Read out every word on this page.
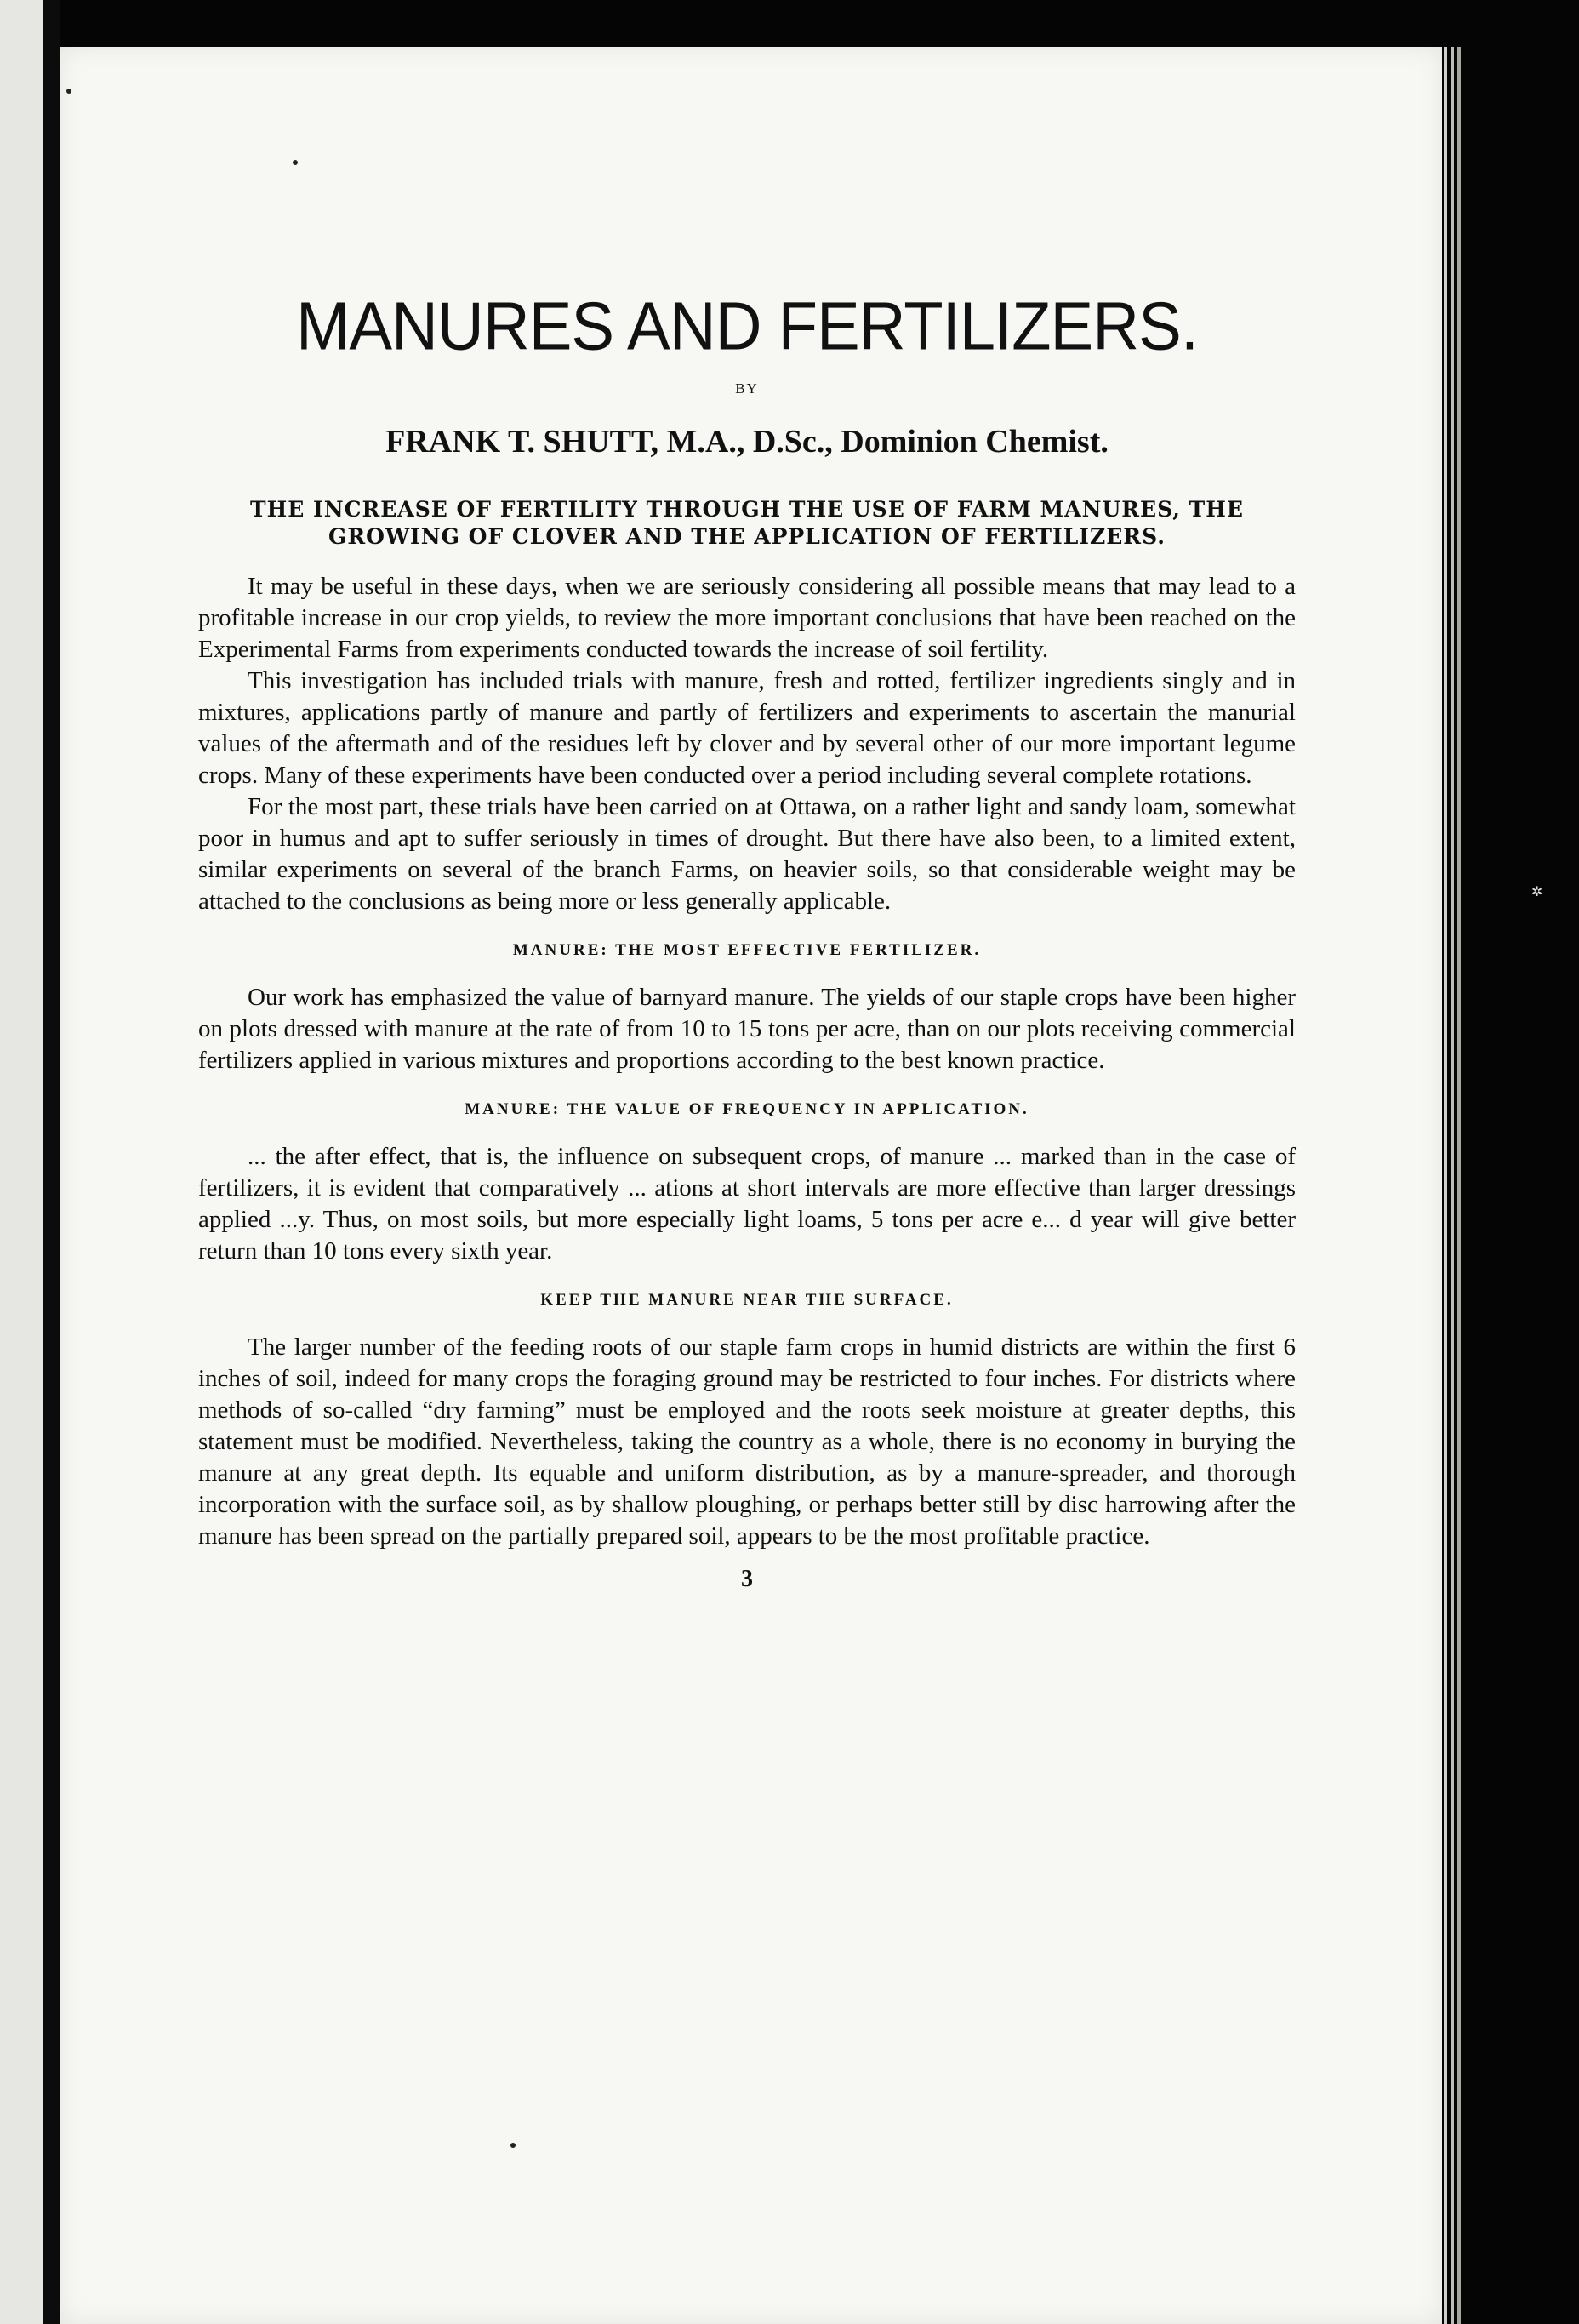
✲
MANURES AND FERTILIZERS.
BY
FRANK T. SHUTT, M.A., D.Sc., Dominion Chemist.
THE INCREASE OF FERTILITY THROUGH THE USE OF FARM MANURES, THE GROWING OF CLOVER AND THE APPLICATION OF FERTILIZERS.

It may be useful in these days, when we are seriously considering all possible means that may lead to a profitable increase in our crop yields, to review the more important conclusions that have been reached on the Experimental Farms from experiments conducted towards the increase of soil fertility.

This investigation has included trials with manure, fresh and rotted, fertilizer ingredients singly and in mixtures, applications partly of manure and partly of fertilizers and experiments to ascertain the manurial values of the aftermath and of the residues left by clover and by several other of our more important legume crops. Many of these experiments have been conducted over a period including several complete rotations.

For the most part, these trials have been carried on at Ottawa, on a rather light and sandy loam, somewhat poor in humus and apt to suffer seriously in times of drought. But there have also been, to a limited extent, similar experiments on several of the branch Farms, on heavier soils, so that considerable weight may be attached to the conclusions as being more or less generally applicable.

MANURE: THE MOST EFFECTIVE FERTILIZER.

Our work has emphasized the value of barnyard manure. The yields of our staple crops have been higher on plots dressed with manure at the rate of from 10 to 15 tons per acre, than on our plots receiving commercial fertilizers applied in various mixtures and proportions according to the best known practice.

MANURE: THE VALUE OF FREQUENCY IN APPLICATION.

... the after effect, that is, the influence on subsequent crops, of manure ... marked than in the case of fertilizers, it is evident that comparatively ... ations at short intervals are more effective than larger dressings applied ...y. Thus, on most soils, but more especially light loams, 5 tons per acre e... d year will give better return than 10 tons every sixth year.

KEEP THE MANURE NEAR THE SURFACE.

The larger number of the feeding roots of our staple farm crops in humid districts are within the first 6 inches of soil, indeed for many crops the foraging ground may be restricted to four inches. For districts where methods of so-called “dry farming” must be employed and the roots seek moisture at greater depths, this statement must be modified. Nevertheless, taking the country as a whole, there is no economy in burying the manure at any great depth. Its equable and uniform distribution, as by a manure-spreader, and thorough incorporation with the surface soil, as by shallow ploughing, or perhaps better still by disc harrowing after the manure has been spread on the partially prepared soil, appears to be the most profitable practice.

3
